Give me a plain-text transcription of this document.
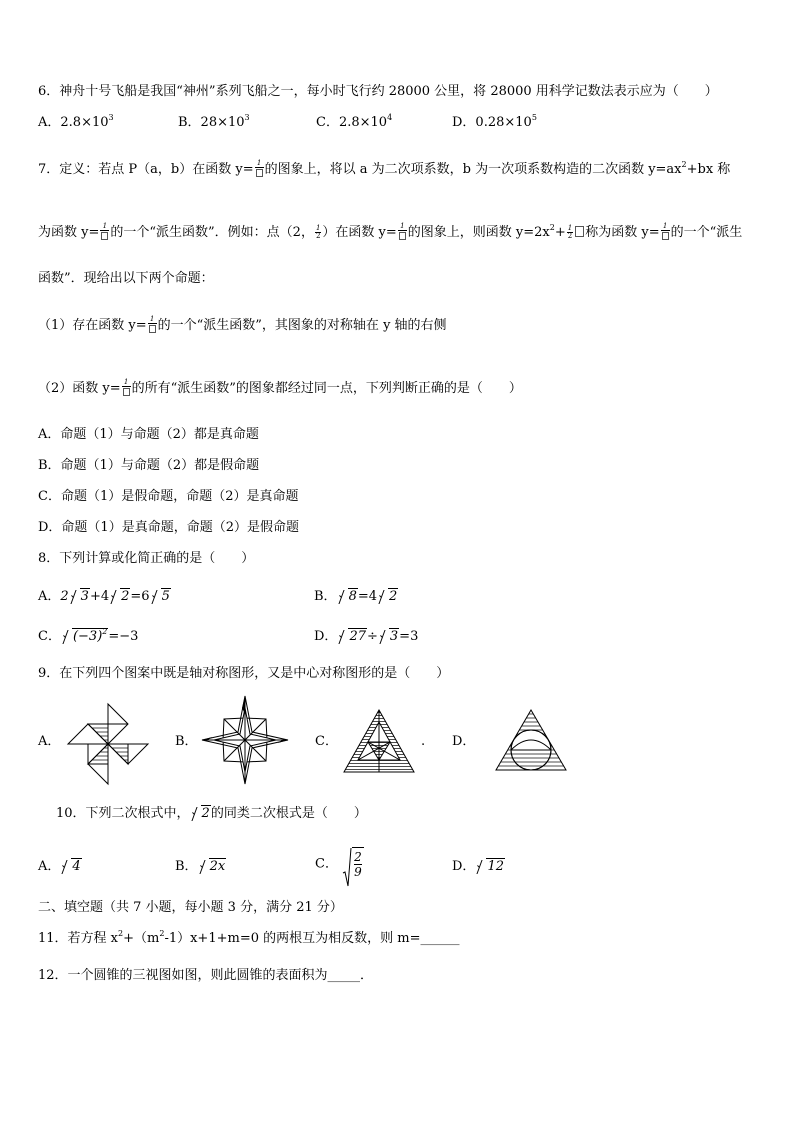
6．神舟十号飞船是我国“神州”系列飞船之一，每小时飞行约 28000 公里，将 28000 用科学记数法表示应为（　　）
A．$2.8\times 10^3$	B．$28\times 10^3$	C．$2.8\times 10^4$	D．$0.28\times 10^5$
7．定义：若点 P（a，b）在函数 y= 1 的图象上，将以 a 为二次项系数，b 为一次项系数构造的二次函数 $y=ax^2+bx$ 称
为函数 y= 1 的一个“派生函数”．例如：点（2， $\frac{1}{2}$ ）在函数 y= 1 的图象上，则函数 $y=2x^2+ \frac{1}{2}$ 称为函数 y= 1 的一个“派生
函数”．现给出以下两个命题：
（1）存在函数 y= 1 的一个“派生函数”，其图象的对称轴在 y 轴的右侧
（2）函数 y= 1 的所有“派生函数”的图象都经过同一点，下列判断正确的是（　　）
A．命题（1）与命题（2）都是真命题
B．命题（1）与命题（2）都是假命题
C．命题（1）是假命题，命题（2）是真命题
D．命题（1）是真命题，命题（2）是假命题
8．下列计算或化简正确的是（　　）
A．2 3+4 2=6 5	B． 8=4 2
C． $(-3)^2=-3$	D． 27÷ 3=3
9．在下列四个图案中既是轴对称图形，又是中心对称图形的是（　　）
A．	B．	C．	. D．
10．下列二次根式中， 2的同类二次根式是（　　）
A． 4	B． 2x	C． $\frac{2}{9}$	D． 12
二、填空题（共 7 小题，每小题 3 分，满分 21 分）
11．若方程 $x^2+(m^2-1)x+1+m=0$ 的两根互为相反数，则 m=______
12．一个圆锥的三视图如图，则此圆锥的表面积为_____．
